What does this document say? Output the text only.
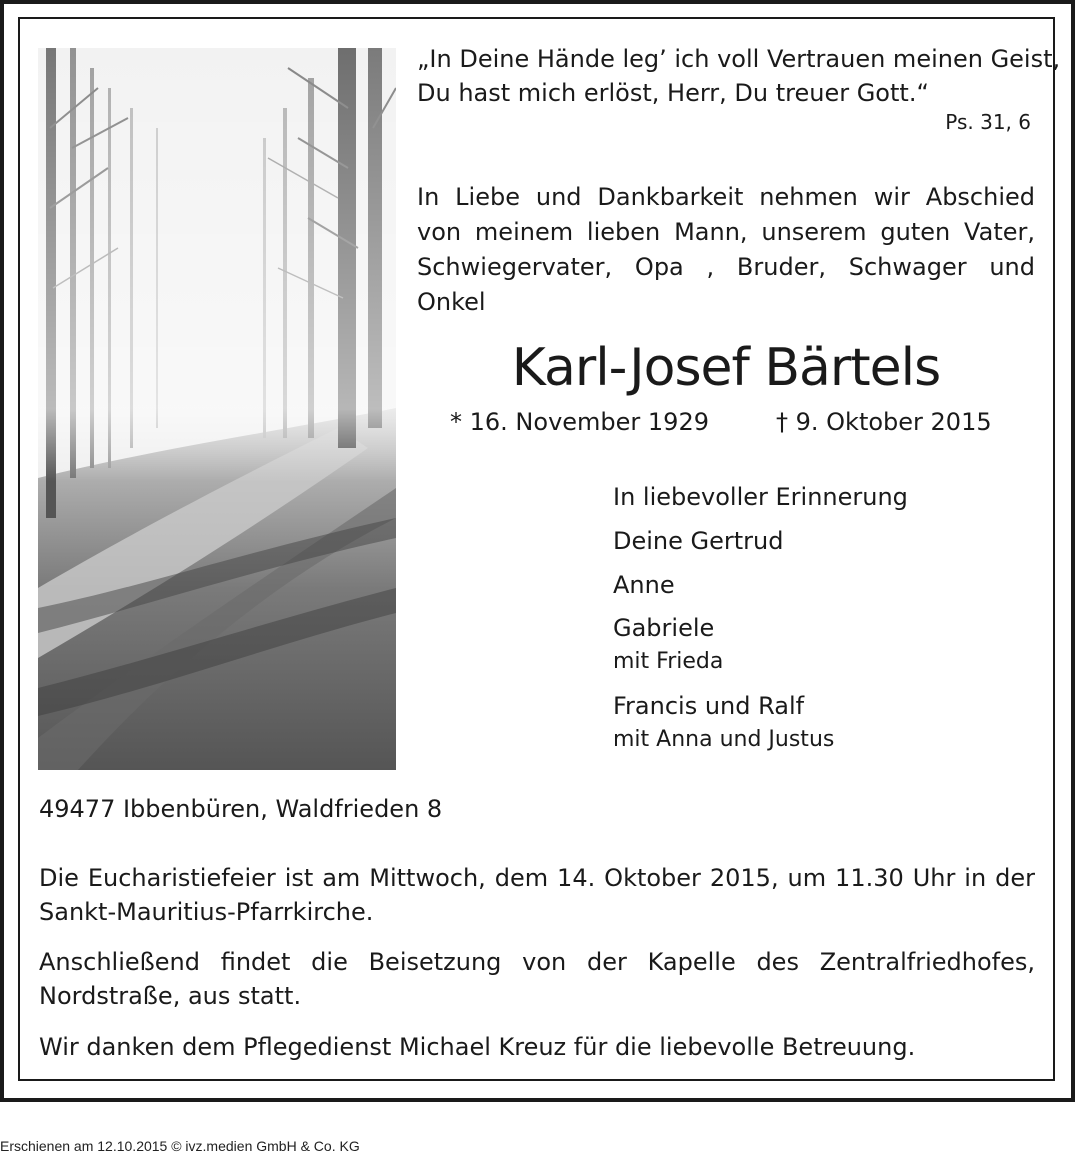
„In Deine Hände leg’ ich voll Vertrauen meinen Geist,
Du hast mich erlöst, Herr, Du treuer Gott.“
Ps. 31, 6

In Liebe und Dankbarkeit nehmen wir Abschied von meinem lieben Mann, unserem guten Vater, Schwiegervater, Opa , Bruder, Schwager und Onkel

Karl-Josef Bärtels
* 16. November 1929	† 9. Oktober 2015
In liebevoller Erinnerung
Deine Gertrud
Anne
Gabriele
mit Frieda
Francis und Ralf
mit Anna und Justus
49477 Ibbenbüren, Waldfrieden 8

Die Eucharistiefeier ist am Mittwoch, dem 14. Oktober 2015, um 11.30 Uhr in der Sankt-Mauritius-Pfarrkirche.

Anschließend findet die Beisetzung von der Kapelle des Zentralfriedhofes, Nordstraße, aus statt.

Wir danken dem Pflegedienst Michael Kreuz für die liebevolle Betreuung.

Erschienen am 12.10.2015 © ivz.medien GmbH & Co. KG
